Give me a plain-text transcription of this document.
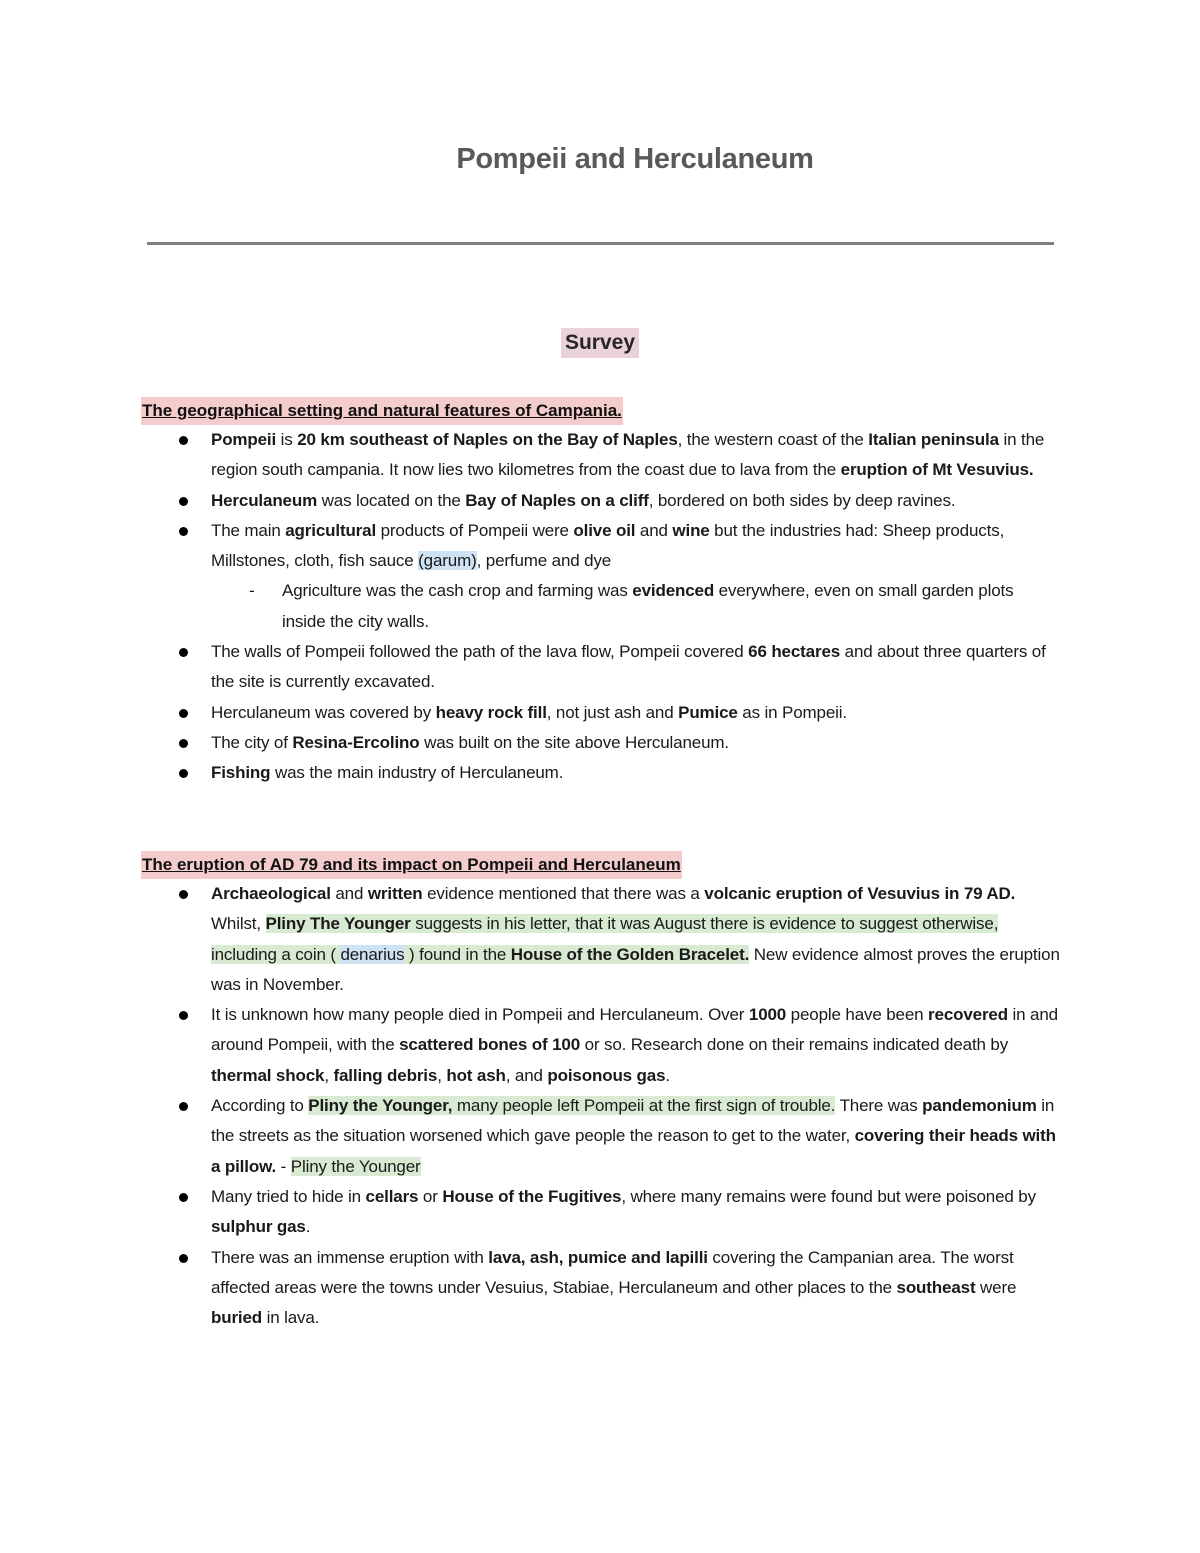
Pompeii and Herculaneum
Survey
The geographical setting and natural features of Campania.
Pompeii is 20 km southeast of Naples on the Bay of Naples, the western coast of the Italian peninsula in the region south campania. It now lies two kilometres from the coast due to lava from the eruption of Mt Vesuvius.
Herculaneum was located on the Bay of Naples on a cliff, bordered on both sides by deep ravines.
The main agricultural products of Pompeii were olive oil and wine but the industries had: Sheep products, Millstones, cloth, fish sauce (garum), perfume and dye
- Agriculture was the cash crop and farming was evidenced everywhere, even on small garden plots inside the city walls.
The walls of Pompeii followed the path of the lava flow, Pompeii covered 66 hectares and about three quarters of the site is currently excavated.
Herculaneum was covered by heavy rock fill, not just ash and Pumice as in Pompeii.
The city of Resina-Ercolino was built on the site above Herculaneum.
Fishing was the main industry of Herculaneum.
The eruption of AD 79 and its impact on Pompeii and Herculaneum
Archaeological and written evidence mentioned that there was a volcanic eruption of Vesuvius in 79 AD. Whilst, Pliny The Younger suggests in his letter, that it was August there is evidence to suggest otherwise, including a coin ( denarius ) found in the House of the Golden Bracelet. New evidence almost proves the eruption was in November.
It is unknown how many people died in Pompeii and Herculaneum. Over 1000 people have been recovered in and around Pompeii, with the scattered bones of 100 or so. Research done on their remains indicated death by thermal shock, falling debris, hot ash, and poisonous gas.
According to Pliny the Younger, many people left Pompeii at the first sign of trouble. There was pandemonium in the streets as the situation worsened which gave people the reason to get to the water, covering their heads with a pillow. - Pliny the Younger
Many tried to hide in cellars or House of the Fugitives, where many remains were found but were poisoned by sulphur gas.
There was an immense eruption with lava, ash, pumice and lapilli covering the Campanian area. The worst affected areas were the towns under Vesuius, Stabiae, Herculaneum and other places to the southeast were buried in lava.
